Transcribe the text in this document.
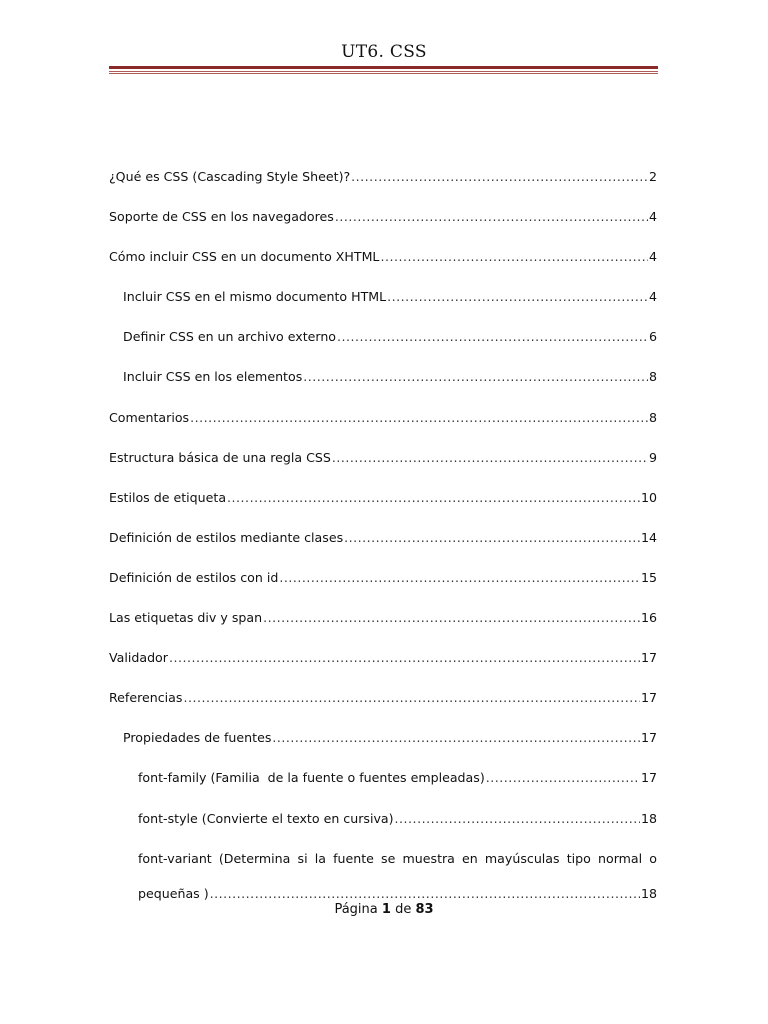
UT6. CSS
¿Qué es CSS (Cascading Style Sheet)? .....	2
Soporte de CSS en los navegadores .....	4
Cómo incluir CSS en un documento XHTML .....	4
Incluir CSS en el mismo documento HTML .....	4
Definir CSS en un archivo externo .....	6
Incluir CSS en los elementos .....	8
Comentarios .....	8
Estructura básica de una regla CSS .....	9
Estilos de etiqueta .....	10
Definición de estilos mediante clases .....	14
Definición de estilos con id .....	15
Las etiquetas div y span .....	16
Validador .....	17
Referencias .....	17
Propiedades de fuentes .....	17
font-family (Familia  de la fuente o fuentes empleadas) .....	17
font-style (Convierte el texto en cursiva) .....	18
font-variant (Determina si la fuente se muestra en mayúsculas tipo normal o
pequeñas ) .....	18
Página 1 de 83
